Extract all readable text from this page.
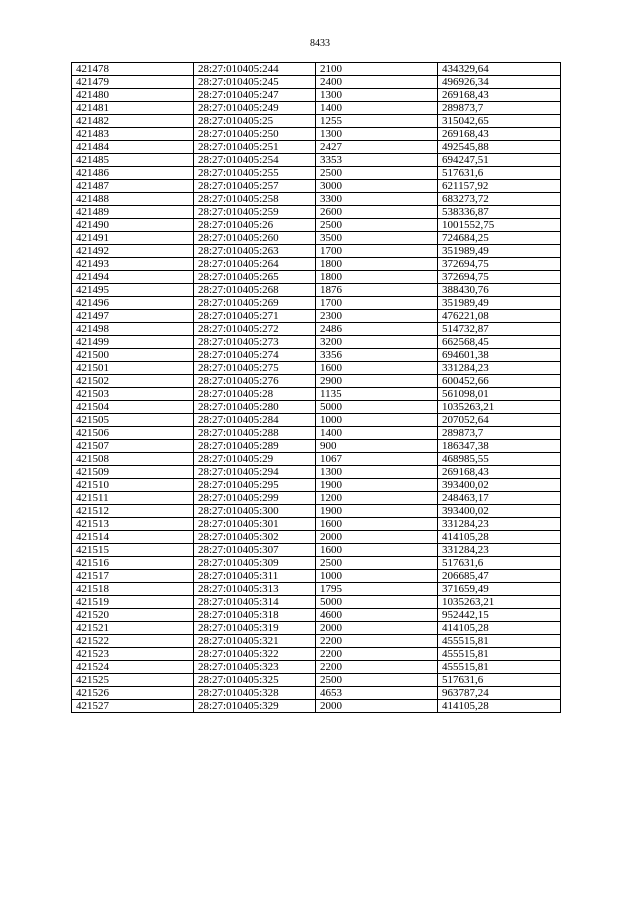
8433
421478	28:27:010405:244	2100	434329,64
421479	28:27:010405:245	2400	496926,34
421480	28:27:010405:247	1300	269168,43
421481	28:27:010405:249	1400	289873,7
421482	28:27:010405:25	1255	315042,65
421483	28:27:010405:250	1300	269168,43
421484	28:27:010405:251	2427	492545,88
421485	28:27:010405:254	3353	694247,51
421486	28:27:010405:255	2500	517631,6
421487	28:27:010405:257	3000	621157,92
421488	28:27:010405:258	3300	683273,72
421489	28:27:010405:259	2600	538336,87
421490	28:27:010405:26	2500	1001552,75
421491	28:27:010405:260	3500	724684,25
421492	28:27:010405:263	1700	351989,49
421493	28:27:010405:264	1800	372694,75
421494	28:27:010405:265	1800	372694,75
421495	28:27:010405:268	1876	388430,76
421496	28:27:010405:269	1700	351989,49
421497	28:27:010405:271	2300	476221,08
421498	28:27:010405:272	2486	514732,87
421499	28:27:010405:273	3200	662568,45
421500	28:27:010405:274	3356	694601,38
421501	28:27:010405:275	1600	331284,23
421502	28:27:010405:276	2900	600452,66
421503	28:27:010405:28	1135	561098,01
421504	28:27:010405:280	5000	1035263,21
421505	28:27:010405:284	1000	207052,64
421506	28:27:010405:288	1400	289873,7
421507	28:27:010405:289	900	186347,38
421508	28:27:010405:29	1067	468985,55
421509	28:27:010405:294	1300	269168,43
421510	28:27:010405:295	1900	393400,02
421511	28:27:010405:299	1200	248463,17
421512	28:27:010405:300	1900	393400,02
421513	28:27:010405:301	1600	331284,23
421514	28:27:010405:302	2000	414105,28
421515	28:27:010405:307	1600	331284,23
421516	28:27:010405:309	2500	517631,6
421517	28:27:010405:311	1000	206685,47
421518	28:27:010405:313	1795	371659,49
421519	28:27:010405:314	5000	1035263,21
421520	28:27:010405:318	4600	952442,15
421521	28:27:010405:319	2000	414105,28
421522	28:27:010405:321	2200	455515,81
421523	28:27:010405:322	2200	455515,81
421524	28:27:010405:323	2200	455515,81
421525	28:27:010405:325	2500	517631,6
421526	28:27:010405:328	4653	963787,24
421527	28:27:010405:329	2000	414105,28
